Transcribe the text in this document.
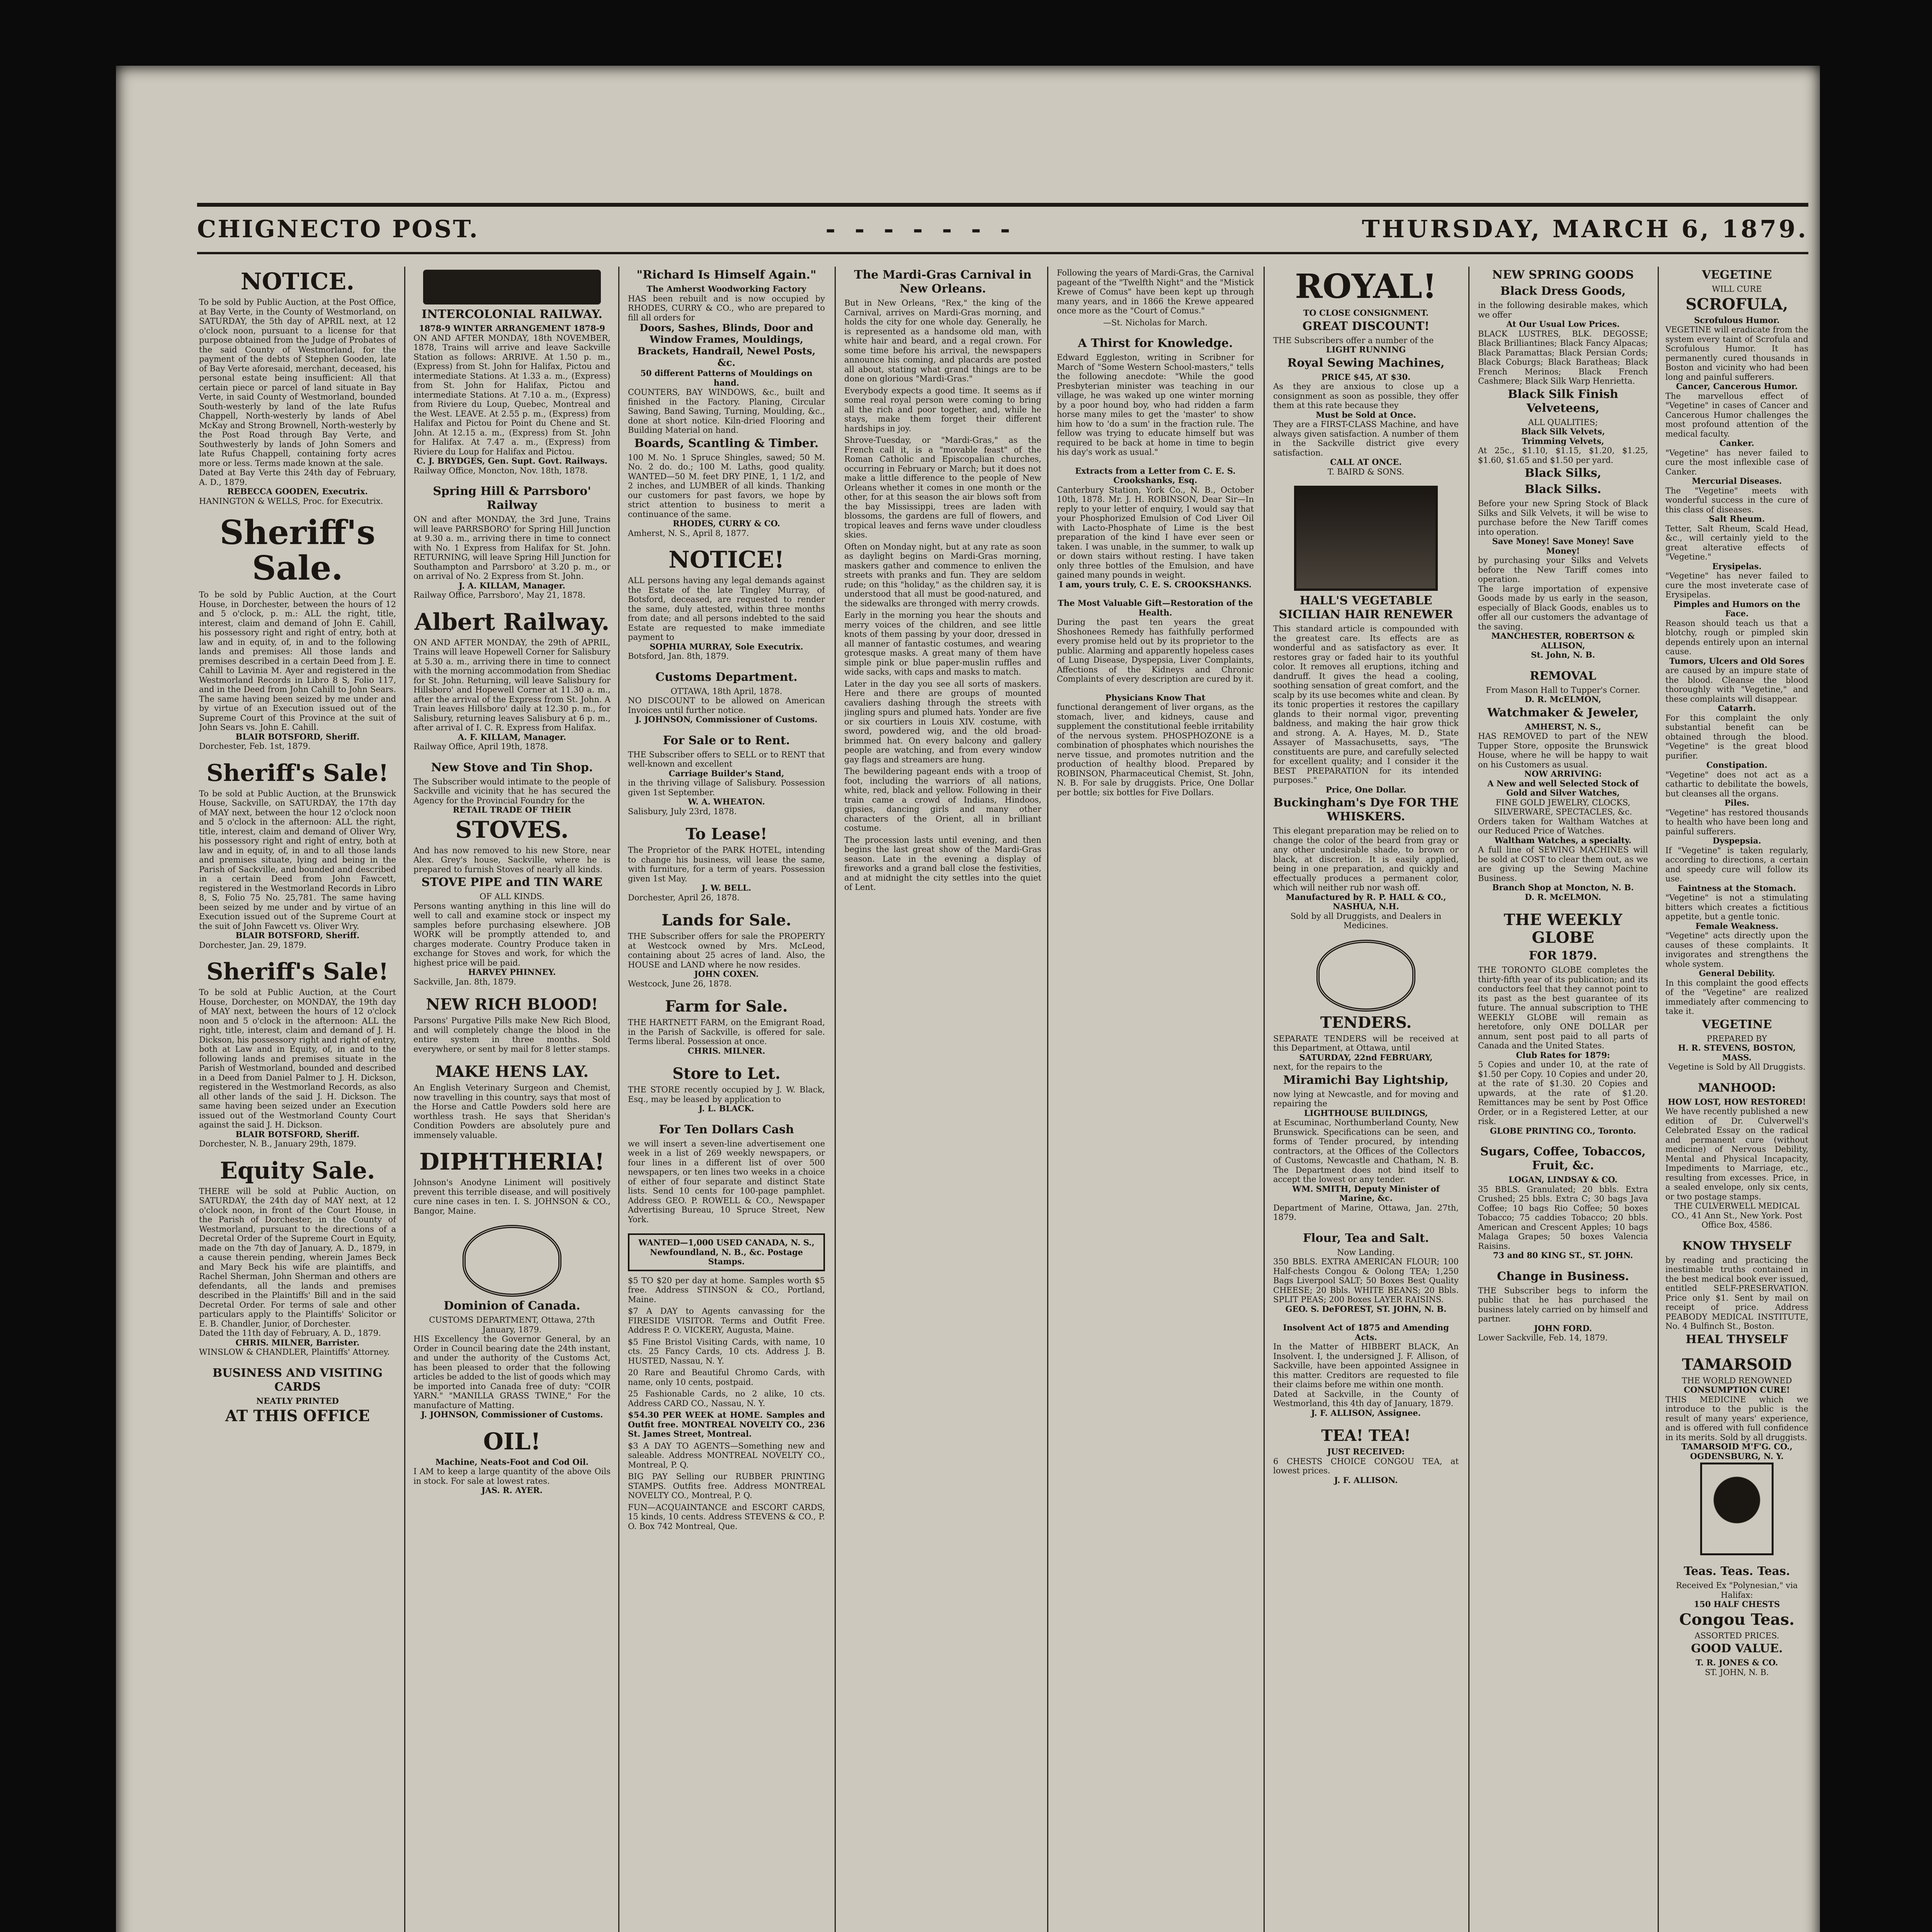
CHIGNECTO POST.	- - - - - - -	THURSDAY, MARCH 6, 1879.
NOTICE.
To be sold by Public Auction, at the Post Office, at Bay Verte, in the County of Westmorland, on SATURDAY, the 5th day of APRIL next, at 12 o'clock noon, pursuant to a license for that purpose obtained from the Judge of Probates of the said County of Westmorland, for the payment of the debts of Stephen Gooden, late of Bay Verte aforesaid, merchant, deceased, his personal estate being insufficient: All that certain piece or parcel of land situate in Bay Verte, in said County of Westmorland, bounded South-westerly by land of the late Rufus Chappell, North-westerly by lands of Abel McKay and Strong Brownell, North-westerly by the Post Road through Bay Verte, and Southwesterly by lands of John Somers and late Rufus Chappell, containing forty acres more or less. Terms made known at the sale.
Dated at Bay Verte this 24th day of February, A. D., 1879.
REBECCA GOODEN, Executrix.
HANINGTON & WELLS, Proc. for Executrix.
Sheriff's Sale.
To be sold by Public Auction, at the Court House, in Dorchester, between the hours of 12 and 5 o'clock, p. m.: ALL the right, title, interest, claim and demand of John E. Cahill, his possessory right and right of entry, both at law and in equity, of, in and to the following lands and premises: All those lands and premises described in a certain Deed from J. E. Cahill to Lavinia M. Ayer and registered in the Westmorland Records in Libro 8 S, Folio 117, and in the Deed from John Cahill to John Sears. The same having been seized by me under and by virtue of an Execution issued out of the Supreme Court of this Province at the suit of John Sears vs. John E. Cahill.
BLAIR BOTSFORD, Sheriff.
Dorchester, Feb. 1st, 1879.
Sheriff's Sale!
To be sold at Public Auction, at the Brunswick House, Sackville, on SATURDAY, the 17th day of MAY next, between the hour 12 o'clock noon and 5 o'clock in the afternoon: ALL the right, title, interest, claim and demand of Oliver Wry, his possessory right and right of entry, both at law and in equity, of, in and to all those lands and premises situate, lying and being in the Parish of Sackville, and bounded and described in a certain Deed from John Fawcett, registered in the Westmorland Records in Libro 8, S, Folio 75 No. 25,781. The same having been seized by me under and by virtue of an Execution issued out of the Supreme Court at the suit of John Fawcett vs. Oliver Wry.
BLAIR BOTSFORD, Sheriff.
Dorchester, Jan. 29, 1879.
Sheriff's Sale!
To be sold at Public Auction, at the Court House, Dorchester, on MONDAY, the 19th day of MAY next, between the hours of 12 o'clock noon and 5 o'clock in the afternoon: ALL the right, title, interest, claim and demand of J. H. Dickson, his possessory right and right of entry, both at Law and in Equity, of, in and to the following lands and premises situate in the Parish of Westmorland, bounded and described in a Deed from Daniel Palmer to J. H. Dickson, registered in the Westmorland Records, as also all other lands of the said J. H. Dickson. The same having been seized under an Execution issued out of the Westmorland County Court against the said J. H. Dickson.
BLAIR BOTSFORD, Sheriff.
Dorchester, N. B., January 29th, 1879.
Equity Sale.
THERE will be sold at Public Auction, on SATURDAY, the 24th day of MAY next, at 12 o'clock noon, in front of the Court House, in the Parish of Dorchester, in the County of Westmorland, pursuant to the directions of a Decretal Order of the Supreme Court in Equity, made on the 7th day of January, A. D., 1879, in a cause therein pending, wherein James Beck and Mary Beck his wife are plaintiffs, and Rachel Sherman, John Sherman and others are defendants, all the lands and premises described in the Plaintiffs' Bill and in the said Decretal Order. For terms of sale and other particulars apply to the Plaintiffs' Solicitor or E. B. Chandler, Junior, of Dorchester.
Dated the 11th day of February, A. D., 1879.
CHRIS. MILNER, Barrister.
WINSLOW & CHANDLER, Plaintiffs' Attorney.
BUSINESS AND VISITING CARDS
NEATLY PRINTED
AT THIS OFFICE
INTERCOLONIAL RAILWAY.
1878-9 WINTER ARRANGEMENT 1878-9
ON AND AFTER MONDAY, 18th NOVEMBER, 1878, Trains will arrive and leave Sackville Station as follows: ARRIVE. At 1.50 p. m., (Express) from St. John for Halifax, Pictou and intermediate Stations. At 1.33 a. m., (Express) from St. John for Halifax, Pictou and intermediate Stations. At 7.10 a. m., (Express) from Riviere du Loup, Quebec, Montreal and the West. LEAVE. At 2.55 p. m., (Express) from Halifax and Pictou for Point du Chene and St. John. At 12.15 a. m., (Express) from St. John for Halifax. At 7.47 a. m., (Express) from Riviere du Loup for Halifax and Pictou.
C. J. BRYDGES, Gen. Supt. Govt. Railways.
Railway Office, Moncton, Nov. 18th, 1878.
Spring Hill & Parrsboro' Railway
ON and after MONDAY, the 3rd June, Trains will leave PARRSBORO' for Spring Hill Junction at 9.30 a. m., arriving there in time to connect with No. 1 Express from Halifax for St. John. RETURNING, will leave Spring Hill Junction for Southampton and Parrsboro' at 3.20 p. m., or on arrival of No. 2 Express from St. John.
J. A. KILLAM, Manager.
Railway Office, Parrsboro', May 21, 1878.
Albert Railway.
ON AND AFTER MONDAY, the 29th of APRIL, Trains will leave Hopewell Corner for Salisbury at 5.30 a. m., arriving there in time to connect with the morning accommodation from Shediac for St. John. Returning, will leave Salisbury for Hillsboro' and Hopewell Corner at 11.30 a. m., after the arrival of the Express from St. John. A Train leaves Hillsboro' daily at 12.30 p. m., for Salisbury, returning leaves Salisbury at 6 p. m., after arrival of I. C. R. Express from Halifax.
A. F. KILLAM, Manager.
Railway Office, April 19th, 1878.
New Stove and Tin Shop.
The Subscriber would intimate to the people of Sackville and vicinity that he has secured the Agency for the Provincial Foundry for the
RETAIL TRADE OF THEIR
STOVES.
And has now removed to his new Store, near Alex. Grey's house, Sackville, where he is prepared to furnish Stoves of nearly all kinds.
STOVE PIPE and TIN WARE
OF ALL KINDS.
Persons wanting anything in this line will do well to call and examine stock or inspect my samples before purchasing elsewhere. JOB WORK will be promptly attended to, and charges moderate. Country Produce taken in exchange for Stoves and work, for which the highest price will be paid.
HARVEY PHINNEY.
Sackville, Jan. 8th, 1879.
NEW RICH BLOOD!
Parsons' Purgative Pills make New Rich Blood, and will completely change the blood in the entire system in three months. Sold everywhere, or sent by mail for 8 letter stamps.
MAKE HENS LAY.
An English Veterinary Surgeon and Chemist, now travelling in this country, says that most of the Horse and Cattle Powders sold here are worthless trash. He says that Sheridan's Condition Powders are absolutely pure and immensely valuable.
DIPHTHERIA!
Johnson's Anodyne Liniment will positively prevent this terrible disease, and will positively cure nine cases in ten. I. S. JOHNSON & CO., Bangor, Maine.
Dominion of Canada.
CUSTOMS DEPARTMENT, Ottawa, 27th January, 1879.
HIS Excellency the Governor General, by an Order in Council bearing date the 24th instant, and under the authority of the Customs Act, has been pleased to order that the following articles be added to the list of goods which may be imported into Canada free of duty: "COIR YARN." "MANILLA GRASS TWINE," For the manufacture of Matting.
J. JOHNSON, Commissioner of Customs.
OIL!
Machine, Neats-Foot and Cod Oil.
I AM to keep a large quantity of the above Oils in stock. For sale at lowest rates.
JAS. R. AYER.
"Richard Is Himself Again."
The Amherst Woodworking Factory
HAS been rebuilt and is now occupied by RHODES, CURRY & CO., who are prepared to fill all orders for
Doors, Sashes, Blinds, Door and Window Frames, Mouldings, Brackets, Handrail, Newel Posts, &c.
50 different Patterns of Mouldings on hand.
COUNTERS, BAY WINDOWS, &c., built and finished in the Factory. Planing, Circular Sawing, Band Sawing, Turning, Moulding, &c., done at short notice. Kiln-dried Flooring and Building Material on hand.
Boards, Scantling & Timber.
100 M. No. 1 Spruce Shingles, sawed; 50 M. No. 2 do. do.; 100 M. Laths, good quality. WANTED—50 M. feet DRY PINE, 1, 1 1/2, and 2 inches, and LUMBER of all kinds. Thanking our customers for past favors, we hope by strict attention to business to merit a continuance of the same.
RHODES, CURRY & CO.
Amherst, N. S., April 8, 1877.
NOTICE!
ALL persons having any legal demands against the Estate of the late Tingley Murray, of Botsford, deceased, are requested to render the same, duly attested, within three months from date; and all persons indebted to the said Estate are requested to make immediate payment to
SOPHIA MURRAY, Sole Executrix.
Botsford, Jan. 8th, 1879.
Customs Department.
OTTAWA, 18th April, 1878.
NO DISCOUNT to be allowed on American Invoices until further notice.
J. JOHNSON, Commissioner of Customs.
For Sale or to Rent.
THE Subscriber offers to SELL or to RENT that well-known and excellent
Carriage Builder's Stand,
in the thriving village of Salisbury. Possession given 1st September.
W. A. WHEATON.
Salisbury, July 23rd, 1878.
To Lease!
The Proprietor of the PARK HOTEL, intending to change his business, will lease the same, with furniture, for a term of years. Possession given 1st May.
J. W. BELL.
Dorchester, April 26, 1878.
Lands for Sale.
THE Subscriber offers for sale the PROPERTY at Westcock owned by Mrs. McLeod, containing about 25 acres of land. Also, the HOUSE and LAND where he now resides.
JOHN COXEN.
Westcock, June 26, 1878.
Farm for Sale.
THE HARTNETT FARM, on the Emigrant Road, in the Parish of Sackville, is offered for sale. Terms liberal. Possession at once.
CHRIS. MILNER.
Store to Let.
THE STORE recently occupied by J. W. Black, Esq., may be leased by application to
J. L. BLACK.
For Ten Dollars Cash
we will insert a seven-line advertisement one week in a list of 269 weekly newspapers, or four lines in a different list of over 500 newspapers, or ten lines two weeks in a choice of either of four separate and distinct State lists. Send 10 cents for 100-page pamphlet. Address GEO. P. ROWELL & CO., Newspaper Advertising Bureau, 10 Spruce Street, New York.
WANTED—1,000 USED CANADA, N. S., Newfoundland, N. B., &c. Postage Stamps.

$5 TO $20 per day at home. Samples worth $5 free. Address STINSON & CO., Portland, Maine.

$7 A DAY to Agents canvassing for the FIRESIDE VISITOR. Terms and Outfit Free. Address P. O. VICKERY, Augusta, Maine.

$5 Fine Bristol Visiting Cards, with name, 10 cts. 25 Fancy Cards, 10 cts. Address J. B. HUSTED, Nassau, N. Y.

20 Rare and Beautiful Chromo Cards, with name, only 10 cents, postpaid.

25 Fashionable Cards, no 2 alike, 10 cts. Address CARD CO., Nassau, N. Y.

$54.30 PER WEEK at HOME. Samples and Outfit free. MONTREAL NOVELTY CO., 236 St. James Street, Montreal.

$3 A DAY TO AGENTS—Something new and saleable. Address MONTREAL NOVELTY CO., Montreal, P. Q.

BIG PAY Selling our RUBBER PRINTING STAMPS. Outfits free. Address MONTREAL NOVELTY CO., Montreal, P. Q.

FUN—ACQUAINTANCE and ESCORT CARDS, 15 kinds, 10 cents. Address STEVENS & CO., P. O. Box 742 Montreal, Que.

The Mardi-Gras Carnival in New Orleans.

But in New Orleans, "Rex," the king of the Carnival, arrives on Mardi-Gras morning, and holds the city for one whole day. Generally, he is represented as a handsome old man, with white hair and beard, and a regal crown. For some time before his arrival, the newspapers announce his coming, and placards are posted all about, stating what grand things are to be done on glorious "Mardi-Gras."

Everybody expects a good time. It seems as if some real royal person were coming to bring all the rich and poor together, and, while he stays, make them forget their different hardships in joy.

Shrove-Tuesday, or "Mardi-Gras," as the French call it, is a "movable feast" of the Roman Catholic and Episcopalian churches, occurring in February or March; but it does not make a little difference to the people of New Orleans whether it comes in one month or the other, for at this season the air blows soft from the bay Mississippi, trees are laden with blossoms, the gardens are full of flowers, and tropical leaves and ferns wave under cloudless skies.

Often on Monday night, but at any rate as soon as daylight begins on Mardi-Gras morning, maskers gather and commence to enliven the streets with pranks and fun. They are seldom rude; on this "holiday," as the children say, it is understood that all must be good-natured, and the sidewalks are thronged with merry crowds.

Early in the morning you hear the shouts and merry voices of the children, and see little knots of them passing by your door, dressed in all manner of fantastic costumes, and wearing grotesque masks. A great many of them have simple pink or blue paper-muslin ruffles and wide sacks, with caps and masks to match.

Later in the day you see all sorts of maskers. Here and there are groups of mounted cavaliers dashing through the streets with jingling spurs and plumed hats. Yonder are five or six courtiers in Louis XIV. costume, with sword, powdered wig, and the old broad-brimmed hat. On every balcony and gallery people are watching, and from every window gay flags and streamers are hung.

The bewildering pageant ends with a troop of foot, including the warriors of all nations, white, red, black and yellow. Following in their train came a crowd of Indians, Hindoos, gipsies, dancing girls and many other characters of the Orient, all in brilliant costume.

The procession lasts until evening, and then begins the last great show of the Mardi-Gras season. Late in the evening a display of fireworks and a grand ball close the festivities, and at midnight the city settles into the quiet of Lent.

Following the years of Mardi-Gras, the Carnival pageant of the "Twelfth Night" and the "Mistick Krewe of Comus" have been kept up through many years, and in 1866 the Krewe appeared once more as the "Court of Comus."

—St. Nicholas for March.

A Thirst for Knowledge.
Edward Eggleston, writing in Scribner for March of "Some Western School-masters," tells the following anecdote: "While the good Presbyterian minister was teaching in our village, he was waked up one winter morning by a poor hound boy, who had ridden a farm horse many miles to get the 'master' to show him how to 'do a sum' in the fraction rule. The fellow was trying to educate himself but was required to be back at home in time to begin his day's work as usual."
Extracts from a Letter from C. E. S. Crookshanks, Esq.
Canterbury Station, York Co., N. B., October 10th, 1878. Mr. J. H. ROBINSON, Dear Sir—In reply to your letter of enquiry, I would say that your Phosphorized Emulsion of Cod Liver Oil with Lacto-Phosphate of Lime is the best preparation of the kind I have ever seen or taken. I was unable, in the summer, to walk up or down stairs without resting. I have taken only three bottles of the Emulsion, and have gained many pounds in weight.
I am, yours truly, C. E. S. CROOKSHANKS.
The Most Valuable Gift—Restoration of the Health.
During the past ten years the great Shoshonees Remedy has faithfully performed every promise held out by its proprietor to the public. Alarming and apparently hopeless cases of Lung Disease, Dyspepsia, Liver Complaints, Affections of the Kidneys and Chronic Complaints of every description are cured by it.
Physicians Know That
functional derangement of liver organs, as the stomach, liver, and kidneys, cause and supplement the constitutional feeble irritability of the nervous system. PHOSPHOZONE is a combination of phosphates which nourishes the nerve tissue, and promotes nutrition and the production of healthy blood. Prepared by ROBINSON, Pharmaceutical Chemist, St. John, N. B. For sale by druggists. Price, One Dollar per bottle; six bottles for Five Dollars.
ROYAL!
TO CLOSE CONSIGNMENT.
GREAT DISCOUNT!
THE Subscribers offer a number of the
LIGHT RUNNING
Royal Sewing Machines,
PRICE $45, AT $30.
As they are anxious to close up a consignment as soon as possible, they offer them at this rate because they
Must be Sold at Once.
They are a FIRST-CLASS Machine, and have always given satisfaction. A number of them in the Sackville district give every satisfaction.
CALL AT ONCE.
T. BAIRD & SONS.
HALL'S VEGETABLE SICILIAN HAIR RENEWER
This standard article is compounded with the greatest care. Its effects are as wonderful and as satisfactory as ever. It restores gray or faded hair to its youthful color. It removes all eruptions, itching and dandruff. It gives the head a cooling, soothing sensation of great comfort, and the scalp by its use becomes white and clean. By its tonic properties it restores the capillary glands to their normal vigor, preventing baldness, and making the hair grow thick and strong. A. A. Hayes, M. D., State Assayer of Massachusetts, says, "The constituents are pure, and carefully selected for excellent quality; and I consider it the BEST PREPARATION for its intended purposes."
Price, One Dollar.
Buckingham's Dye FOR THE WHISKERS.
This elegant preparation may be relied on to change the color of the beard from gray or any other undesirable shade, to brown or black, at discretion. It is easily applied, being in one preparation, and quickly and effectually produces a permanent color, which will neither rub nor wash off.
Manufactured by R. P. HALL & CO., NASHUA, N.H.
Sold by all Druggists, and Dealers in Medicines.
TENDERS.
SEPARATE TENDERS will be received at this Department, at Ottawa, until
SATURDAY, 22nd FEBRUARY,
next, for the repairs to the
Miramichi Bay Lightship,
now lying at Newcastle, and for moving and repairing the
LIGHTHOUSE BUILDINGS,
at Escuminac, Northumberland County, New Brunswick. Specifications can be seen, and forms of Tender procured, by intending contractors, at the Offices of the Collectors of Customs, Newcastle and Chatham, N. B. The Department does not bind itself to accept the lowest or any tender.
WM. SMITH, Deputy Minister of Marine, &c.
Department of Marine, Ottawa, Jan. 27th, 1879.
Flour, Tea and Salt.
Now Landing.
350 BBLS. EXTRA AMERICAN FLOUR; 100 Half-chests Congou & Oolong TEA; 1,250 Bags Liverpool SALT; 50 Boxes Best Quality CHEESE; 20 Bbls. WHITE BEANS; 20 Bbls. SPLIT PEAS; 200 Boxes LAYER RAISINS.
GEO. S. DeFOREST, ST. JOHN, N. B.
Insolvent Act of 1875 and Amending Acts.
In the Matter of HIBBERT BLACK, An Insolvent. I, the undersigned J. F. Allison, of Sackville, have been appointed Assignee in this matter. Creditors are requested to file their claims before me within one month.
Dated at Sackville, in the County of Westmorland, this 4th day of January, 1879.
J. F. ALLISON, Assignee.
TEA! TEA!
JUST RECEIVED:
6 CHESTS CHOICE CONGOU TEA, at lowest prices.
J. F. ALLISON.
NEW SPRING GOODS
Black Dress Goods,
in the following desirable makes, which we offer
At Our Usual Low Prices.
BLACK LUSTRES, BLK. DEGOSSE; Black Brilliantines; Black Fancy Alpacas; Black Paramattas; Black Persian Cords; Black Coburgs; Black Baratheas; Black French Merinos; Black French Cashmere; Black Silk Warp Henrietta.
Black Silk Finish Velveteens,
ALL QUALITIES;
Black Silk Velvets,
Trimming Velvets,
At 25c., $1.10, $1.15, $1.20, $1.25, $1.60, $1.65 and $1.50 per yard.
Black Silks,
Black Silks.
Before your new Spring Stock of Black Silks and Silk Velvets, it will be wise to purchase before the New Tariff comes into operation.
Save Money! Save Money! Save Money!
by purchasing your Silks and Velvets before the New Tariff comes into operation.
The large importation of expensive Goods made by us early in the season, especially of Black Goods, enables us to offer all our customers the advantage of the saving.
MANCHESTER, ROBERTSON & ALLISON,
St. John, N. B.
REMOVAL
From Mason Hall to Tupper's Corner.
D. R. McELMON,
Watchmaker & Jeweler,
AMHERST, N. S.,
HAS REMOVED to part of the NEW Tupper Store, opposite the Brunswick House, where he will be happy to wait on his Customers as usual.
NOW ARRIVING:
A New and well Selected Stock of Gold and Silver Watches,
FINE GOLD JEWELRY, CLOCKS, SILVERWARE, SPECTACLES, &c.
Orders taken for Waltham Watches at our Reduced Price of Watches.
Waltham Watches, a specialty.
A full line of SEWING MACHINES will be sold at COST to clear them out, as we are giving up the Sewing Machine Business.
Branch Shop at Moncton, N. B.
D. R. McELMON.
THE WEEKLY GLOBE
FOR 1879.
THE TORONTO GLOBE completes the thirty-fifth year of its publication; and its conductors feel that they cannot point to its past as the best guarantee of its future. The annual subscription to THE WEEKLY GLOBE will remain as heretofore, only ONE DOLLAR per annum, sent post paid to all parts of Canada and the United States.
Club Rates for 1879:
5 Copies and under 10, at the rate of $1.50 per Copy. 10 Copies and under 20, at the rate of $1.30. 20 Copies and upwards, at the rate of $1.20. Remittances may be sent by Post Office Order, or in a Registered Letter, at our risk.
GLOBE PRINTING CO., Toronto.
Sugars, Coffee, Tobaccos, Fruit, &c.
LOGAN, LINDSAY & CO.
35 BBLS. Granulated; 20 bbls. Extra Crushed; 25 bbls. Extra C; 30 bags Java Coffee; 10 bags Rio Coffee; 50 boxes Tobacco; 75 caddies Tobacco; 20 bbls. American and Crescent Apples; 10 bags Malaga Grapes; 50 boxes Valencia Raisins.
73 and 80 KING ST., ST. JOHN.
Change in Business.
THE Subscriber begs to inform the public that he has purchased the business lately carried on by himself and partner.
JOHN FORD.
Lower Sackville, Feb. 14, 1879.
VEGETINE
WILL CURE
SCROFULA,
Scrofulous Humor.
VEGETINE will eradicate from the system every taint of Scrofula and Scrofulous Humor. It has permanently cured thousands in Boston and vicinity who had been long and painful sufferers.
Cancer, Cancerous Humor.
The marvellous effect of "Vegetine" in cases of Cancer and Cancerous Humor challenges the most profound attention of the medical faculty.
Canker.
"Vegetine" has never failed to cure the most inflexible case of Canker.
Mercurial Diseases.
The "Vegetine" meets with wonderful success in the cure of this class of diseases.
Salt Rheum.
Tetter, Salt Rheum, Scald Head, &c., will certainly yield to the great alterative effects of "Vegetine."
Erysipelas.
"Vegetine" has never failed to cure the most inveterate case of Erysipelas.
Pimples and Humors on the Face.
Reason should teach us that a blotchy, rough or pimpled skin depends entirely upon an internal cause.
Tumors, Ulcers and Old Sores
are caused by an impure state of the blood. Cleanse the blood thoroughly with "Vegetine," and these complaints will disappear.
Catarrh.
For this complaint the only substantial benefit can be obtained through the blood. "Vegetine" is the great blood purifier.
Constipation.
"Vegetine" does not act as a cathartic to debilitate the bowels, but cleanses all the organs.
Piles.
"Vegetine" has restored thousands to health who have been long and painful sufferers.
Dyspepsia.
If "Vegetine" is taken regularly, according to directions, a certain and speedy cure will follow its use.
Faintness at the Stomach.
"Vegetine" is not a stimulating bitters which creates a fictitious appetite, but a gentle tonic.
Female Weakness.
"Vegetine" acts directly upon the causes of these complaints. It invigorates and strengthens the whole system.
General Debility.
In this complaint the good effects of the "Vegetine" are realized immediately after commencing to take it.
VEGETINE
PREPARED BY
H. R. STEVENS, BOSTON, MASS.
Vegetine is Sold by All Druggists.
MANHOOD:
HOW LOST, HOW RESTORED!
We have recently published a new edition of Dr. Culverwell's Celebrated Essay on the radical and permanent cure (without medicine) of Nervous Debility, Mental and Physical Incapacity, Impediments to Marriage, etc., resulting from excesses. Price, in a sealed envelope, only six cents, or two postage stamps.
THE CULVERWELL MEDICAL CO., 41 Ann St., New York. Post Office Box, 4586.
KNOW THYSELF
by reading and practicing the inestimable truths contained in the best medical book ever issued, entitled SELF-PRESERVATION. Price only $1. Sent by mail on receipt of price. Address PEABODY MEDICAL INSTITUTE, No. 4 Bulfinch St., Boston.
HEAL THYSELF
TAMARSOID
THE WORLD RENOWNED
CONSUMPTION CURE!
THIS MEDICINE which we introduce to the public is the result of many years' experience, and is offered with full confidence in its merits. Sold by all druggists.
TAMARSOID M'F'G. CO., OGDENSBURG, N. Y.
Teas. Teas. Teas.
Received Ex "Polynesian," via Halifax:
150 HALF CHESTS
Congou Teas.
ASSORTED PRICES.
GOOD VALUE.
T. R. JONES & CO.
ST. JOHN, N. B.
